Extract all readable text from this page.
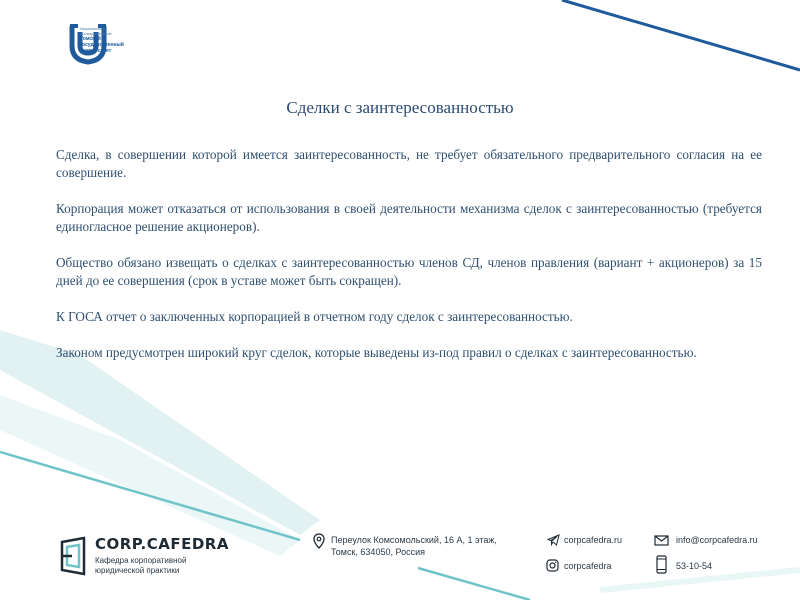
Национальный
исследовательский
Томский
государственный
университет
Сделки с заинтересованностью

Сделка, в совершении которой имеется заинтересованность, не требует обязательного предварительного согласия на ее совершение.

Корпорация может отказаться от использования в своей деятельности механизма сделок с заинтересованностью (требуется единогласное решение акционеров).

Общество обязано извещать о сделках с заинтересованностью членов СД, членов правления (вариант + акционеров) за 15 дней до ее совершения (срок в уставе может быть сокращен).

К ГОСА отчет о заключенных корпорацией в отчетном году сделок с заинтересованностью.

Законом предусмотрен широкий круг сделок, которые выведены из-под правил о сделках с заинтересованностью.

CORP.CAFEDRA
Кафедра корпоративной
юридической практики
Переулок Комсомольский, 16 А, 1 этаж,
Томск, 634050, Россия
corpcafedra.ru
corpcafedra
info@corpcafedra.ru
53-10-54
